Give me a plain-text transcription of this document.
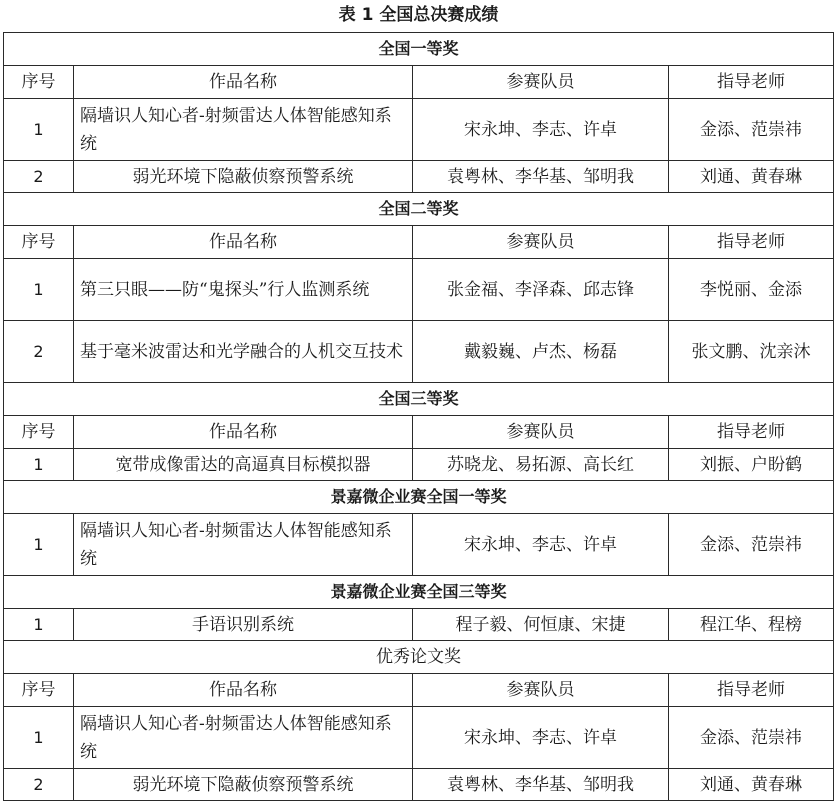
表 1 全国总决赛成绩
全国一等奖			
序号	作品名称	参赛队员	指导老师
1	隔墙识人知心者-射频雷达人体智能感知系统	宋永坤、李志、许卓	金添、范崇祎
2	弱光环境下隐蔽侦察预警系统	袁粤林、李华基、邹明我	刘通、黄春琳
全国二等奖			
序号	作品名称	参赛队员	指导老师
1	第三只眼——防“鬼探头”行人监测系统	张金福、李泽森、邱志锋	李悦丽、金添
2	基于毫米波雷达和光学融合的人机交互技术	戴毅巍、卢杰、杨磊	张文鹏、沈亲沐
全国三等奖			
序号	作品名称	参赛队员	指导老师
1	宽带成像雷达的高逼真目标模拟器	苏晓龙、易拓源、高长红	刘振、户盼鹤
景嘉微企业赛全国一等奖			
1	隔墙识人知心者-射频雷达人体智能感知系统	宋永坤、李志、许卓	金添、范崇祎
景嘉微企业赛全国三等奖			
1	手语识别系统	程子毅、何恒康、宋捷	程江华、程榜
优秀论文奖			
序号	作品名称	参赛队员	指导老师
1	隔墙识人知心者-射频雷达人体智能感知系统	宋永坤、李志、许卓	金添、范崇祎
2	弱光环境下隐蔽侦察预警系统	袁粤林、李华基、邹明我	刘通、黄春琳
